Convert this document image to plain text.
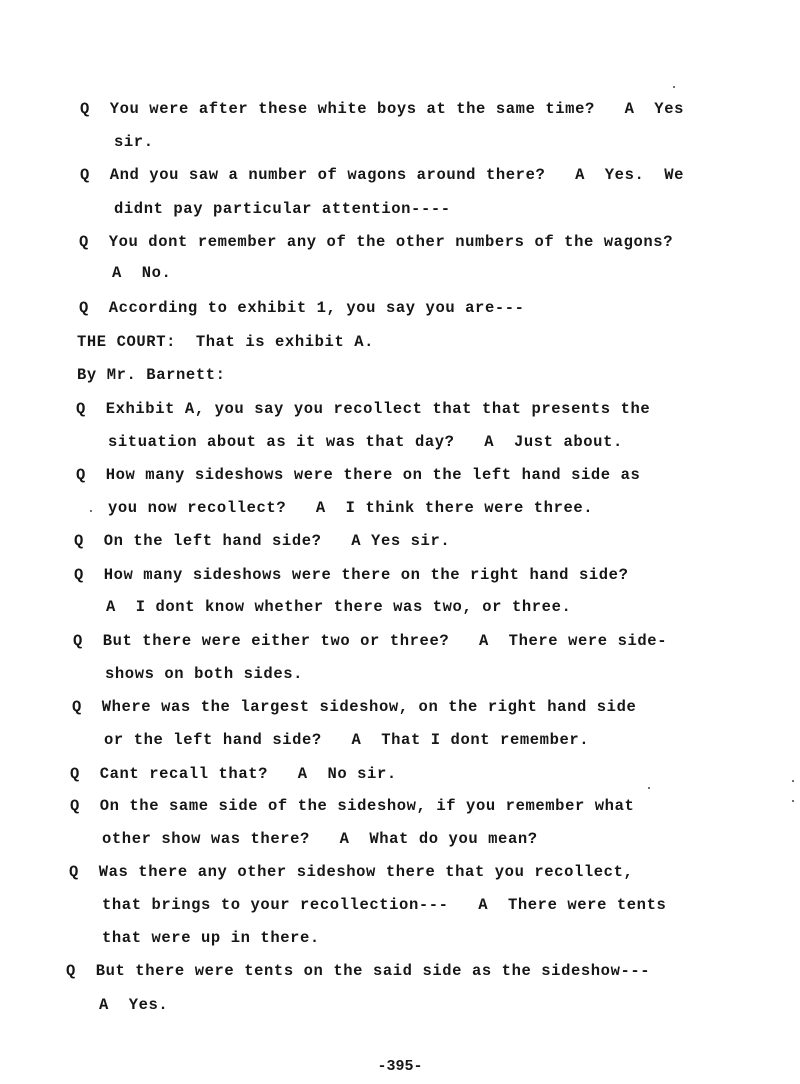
Q  You were after these white boys at the same time?   A  Yes
sir.
Q  And you saw a number of wagons around there?   A  Yes.  We
didnt pay particular attention----
Q  You dont remember any of the other numbers of the wagons?
A  No.
Q  According to exhibit 1, you say you are---
THE COURT:  That is exhibit A.
By Mr. Barnett:
Q  Exhibit A, you say you recollect that that presents the
situation about as it was that day?   A  Just about.
Q  How many sideshows were there on the left hand side as
you now recollect?   A  I think there were three.
Q  On the left hand side?   A Yes sir.
Q  How many sideshows were there on the right hand side?
A  I dont know whether there was two, or three.
Q  But there were either two or three?   A  There were side-
shows on both sides.
Q  Where was the largest sideshow, on the right hand side
or the left hand side?   A  That I dont remember.
Q  Cant recall that?   A  No sir.
Q  On the same side of the sideshow, if you remember what
other show was there?   A  What do you mean?
Q  Was there any other sideshow there that you recollect,
that brings to your recollection---   A  There were tents
that were up in there.
Q  But there were tents on the said side as the sideshow---
A  Yes.
-395-
